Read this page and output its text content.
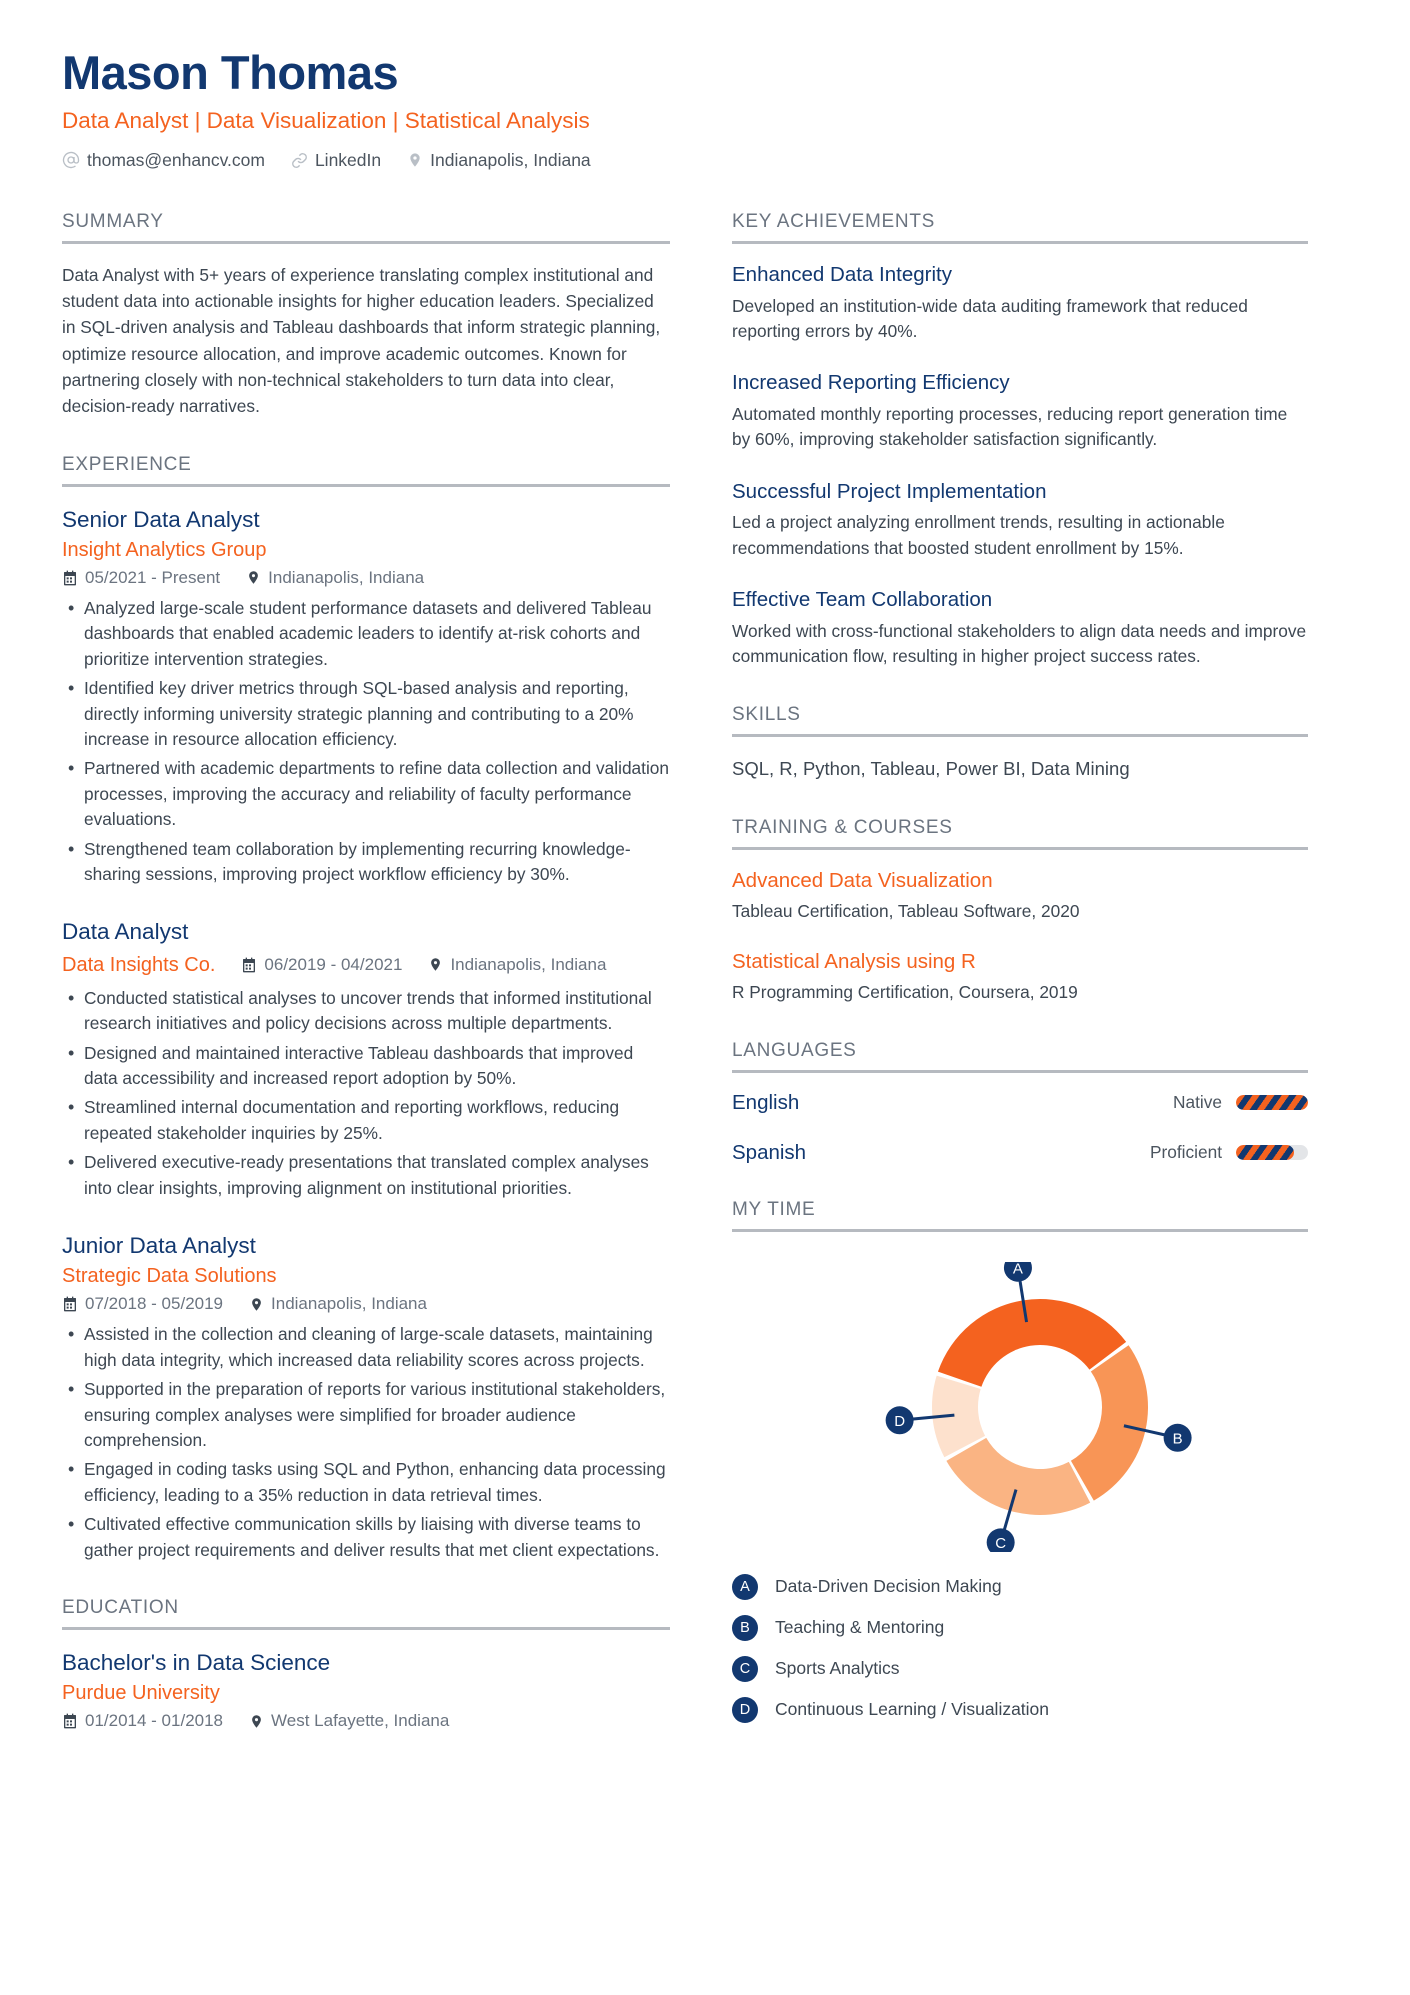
Mason Thomas
Data Analyst | Data Visualization | Statistical Analysis
thomas@enhancv.com	LinkedIn	Indianapolis, Indiana
SUMMARY

Data Analyst with 5+ years of experience translating complex institutional and student data into actionable insights for higher education leaders. Specialized in SQL-driven analysis and Tableau dashboards that inform strategic planning, optimize resource allocation, and improve academic outcomes. Known for partnering closely with non-technical stakeholders to turn data into clear, decision-ready narratives.

EXPERIENCE
Senior Data Analyst
Insight Analytics Group
05/2021 - Present	Indianapolis, Indiana
• Analyzed large-scale student performance datasets and delivered Tableau dashboards that enabled academic leaders to identify at-risk cohorts and prioritize intervention strategies.
• Identified key driver metrics through SQL-based analysis and reporting, directly informing university strategic planning and contributing to a 20% increase in resource allocation efficiency.
• Partnered with academic departments to refine data collection and validation processes, improving the accuracy and reliability of faculty performance evaluations.
• Strengthened team collaboration by implementing recurring knowledge-sharing sessions, improving project workflow efficiency by 30%.
Data Analyst
Data Insights Co.	06/2019 - 04/2021	Indianapolis, Indiana
• Conducted statistical analyses to uncover trends that informed institutional research initiatives and policy decisions across multiple departments.
• Designed and maintained interactive Tableau dashboards that improved data accessibility and increased report adoption by 50%.
• Streamlined internal documentation and reporting workflows, reducing repeated stakeholder inquiries by 25%.
• Delivered executive-ready presentations that translated complex analyses into clear insights, improving alignment on institutional priorities.
Junior Data Analyst
Strategic Data Solutions
07/2018 - 05/2019	Indianapolis, Indiana
• Assisted in the collection and cleaning of large-scale datasets, maintaining high data integrity, which increased data reliability scores across projects.
• Supported in the preparation of reports for various institutional stakeholders, ensuring complex analyses were simplified for broader audience comprehension.
• Engaged in coding tasks using SQL and Python, enhancing data processing efficiency, leading to a 35% reduction in data retrieval times.
• Cultivated effective communication skills by liaising with diverse teams to gather project requirements and deliver results that met client expectations.
EDUCATION
Bachelor's in Data Science
Purdue University
01/2014 - 01/2018	West Lafayette, Indiana
KEY ACHIEVEMENTS
Enhanced Data Integrity
Developed an institution-wide data auditing framework that reduced reporting errors by 40%.
Increased Reporting Efficiency
Automated monthly reporting processes, reducing report generation time by 60%, improving stakeholder satisfaction significantly.
Successful Project Implementation
Led a project analyzing enrollment trends, resulting in actionable recommendations that boosted student enrollment by 15%.
Effective Team Collaboration
Worked with cross-functional stakeholders to align data needs and improve communication flow, resulting in higher project success rates.
SKILLS
SQL, R, Python, Tableau, Power BI, Data Mining
TRAINING & COURSES
Advanced Data Visualization
Tableau Certification, Tableau Software, 2020
Statistical Analysis using R
R Programming Certification, Coursera, 2019
LANGUAGES
English	Native
Spanish	Proficient
MY TIME
A
B
C
D
A	Data-Driven Decision Making
B	Teaching & Mentoring
C	Sports Analytics
D	Continuous Learning / Visualization
